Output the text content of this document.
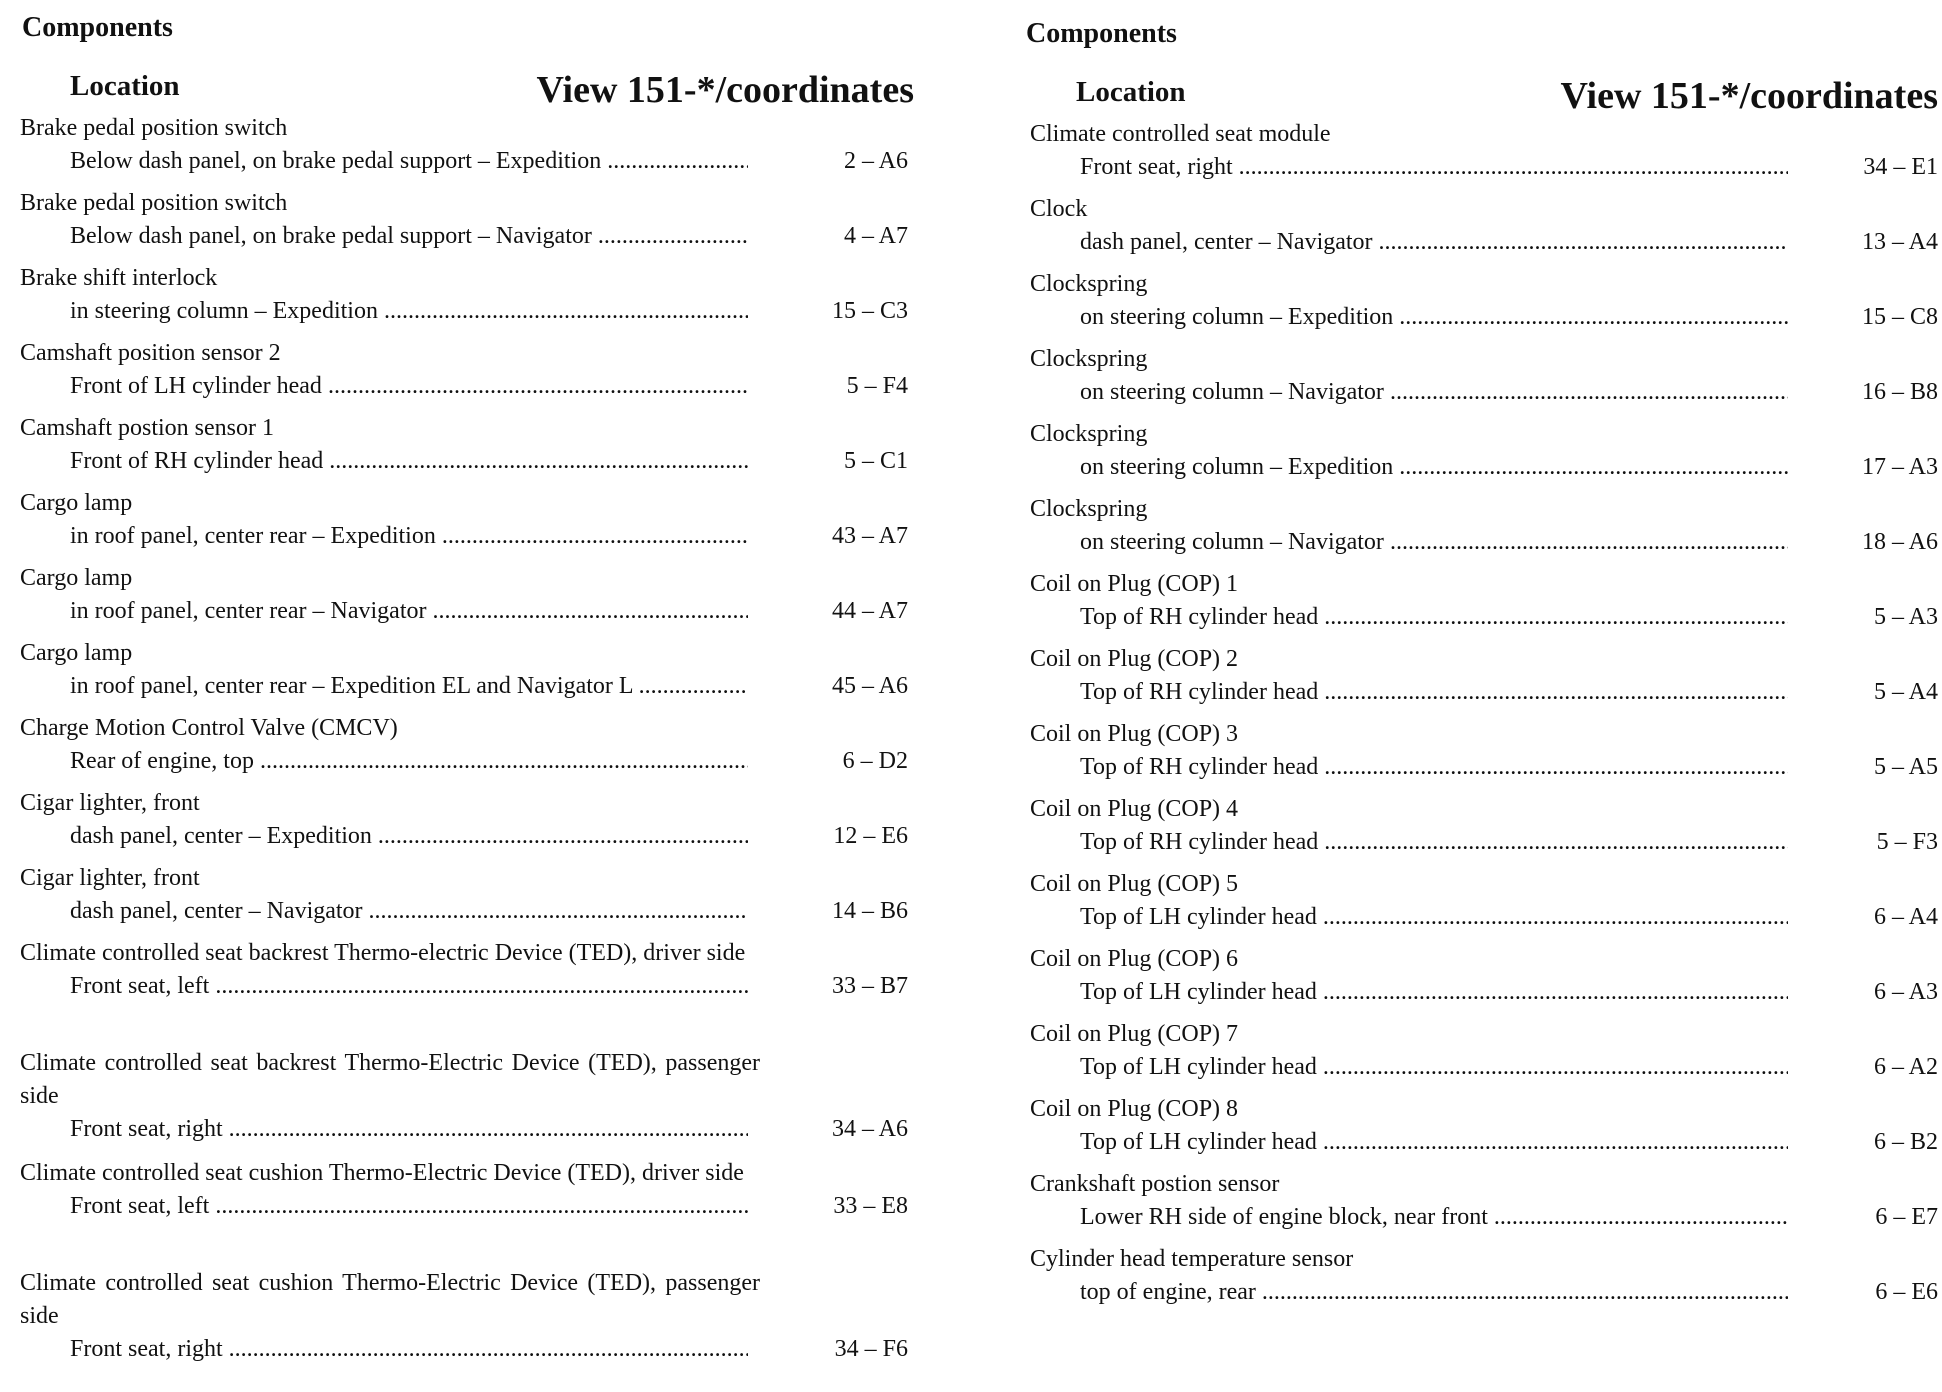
Components
Location	View 151-*/coordinates
Brake pedal position switch
Below dash panel, on brake pedal support – Expedition .....	2 – A6
Brake pedal position switch
Below dash panel, on brake pedal support – Navigator .....	4 – A7
Brake shift interlock
in steering column – Expedition .....	15 – C3
Camshaft position sensor 2
Front of LH cylinder head .....	5 – F4
Camshaft postion sensor 1
Front of RH cylinder head .....	5 – C1
Cargo lamp
in roof panel, center rear – Expedition .....	43 – A7
Cargo lamp
in roof panel, center rear – Navigator .....	44 – A7
Cargo lamp
in roof panel, center rear – Expedition EL and Navigator L .....	45 – A6
Charge Motion Control Valve (CMCV)
Rear of engine, top .....	6 – D2
Cigar lighter, front
dash panel, center – Expedition .....	12 – E6
Cigar lighter, front
dash panel, center – Navigator .....	14 – B6
Climate controlled seat backrest Thermo-electric Device (TED), driver side
Front seat, left .....	33 – B7
Climate controlled seat backrest Thermo-Electric Device (TED), passenger side
Front seat, right .....	34 – A6
Climate controlled seat cushion Thermo-Electric Device (TED), driver side
Front seat, left .....	33 – E8
Climate controlled seat cushion Thermo-Electric Device (TED), passenger side
Front seat, right .....	34 – F6
Components
Location	View 151-*/coordinates
Climate controlled seat module
Front seat, right .....	34 – E1
Clock
dash panel, center – Navigator .....	13 – A4
Clockspring
on steering column – Expedition .....	15 – C8
Clockspring
on steering column – Navigator .....	16 – B8
Clockspring
on steering column – Expedition .....	17 – A3
Clockspring
on steering column – Navigator .....	18 – A6
Coil on Plug (COP) 1
Top of RH cylinder head .....	5 – A3
Coil on Plug (COP) 2
Top of RH cylinder head .....	5 – A4
Coil on Plug (COP) 3
Top of RH cylinder head .....	5 – A5
Coil on Plug (COP) 4
Top of RH cylinder head .....	5 – F3
Coil on Plug (COP) 5
Top of LH cylinder head .....	6 – A4
Coil on Plug (COP) 6
Top of LH cylinder head .....	6 – A3
Coil on Plug (COP) 7
Top of LH cylinder head .....	6 – A2
Coil on Plug (COP) 8
Top of LH cylinder head .....	6 – B2
Crankshaft postion sensor
Lower RH side of engine block, near front .....	6 – E7
Cylinder head temperature sensor
top of engine, rear .....	6 – E6
